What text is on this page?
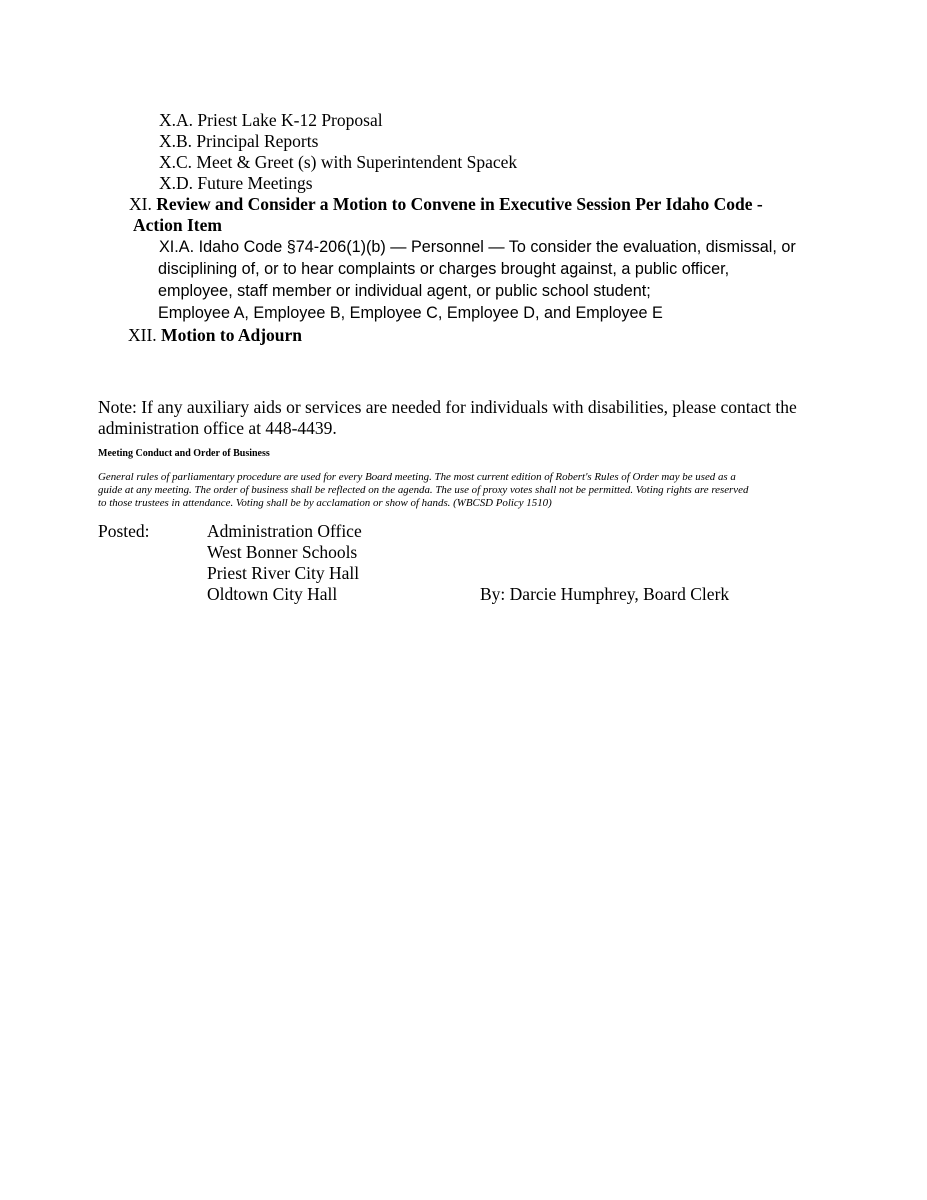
X.A. Priest Lake K-12 Proposal
X.B. Principal Reports
X.C. Meet & Greet (s) with Superintendent Spacek
X.D. Future Meetings
XI. Review and Consider a Motion to Convene in Executive Session Per Idaho Code -
Action Item
XI.A. Idaho Code §74-206(1)(b) — Personnel — To consider the evaluation, dismissal, or
disciplining of, or to hear complaints or charges brought against, a public officer,
employee, staff member or individual agent, or public school student;
Employee A, Employee B, Employee C, Employee D, and Employee E
XII. Motion to Adjourn
Note: If any auxiliary aids or services are needed for individuals with disabilities, please contact the
administration office at 448-4439.
Meeting Conduct and Order of Business
General rules of parliamentary procedure are used for every Board meeting. The most current edition of Robert's Rules of Order may be used as a
guide at any meeting. The order of business shall be reflected on the agenda. The use of proxy votes shall not be permitted. Voting rights are reserved
to those trustees in attendance. Voting shall be by acclamation or show of hands. (WBCSD Policy 1510)
Posted:	Administration Office
West Bonner Schools
Priest River City Hall
Oldtown City Hall	By: Darcie Humphrey, Board Clerk
